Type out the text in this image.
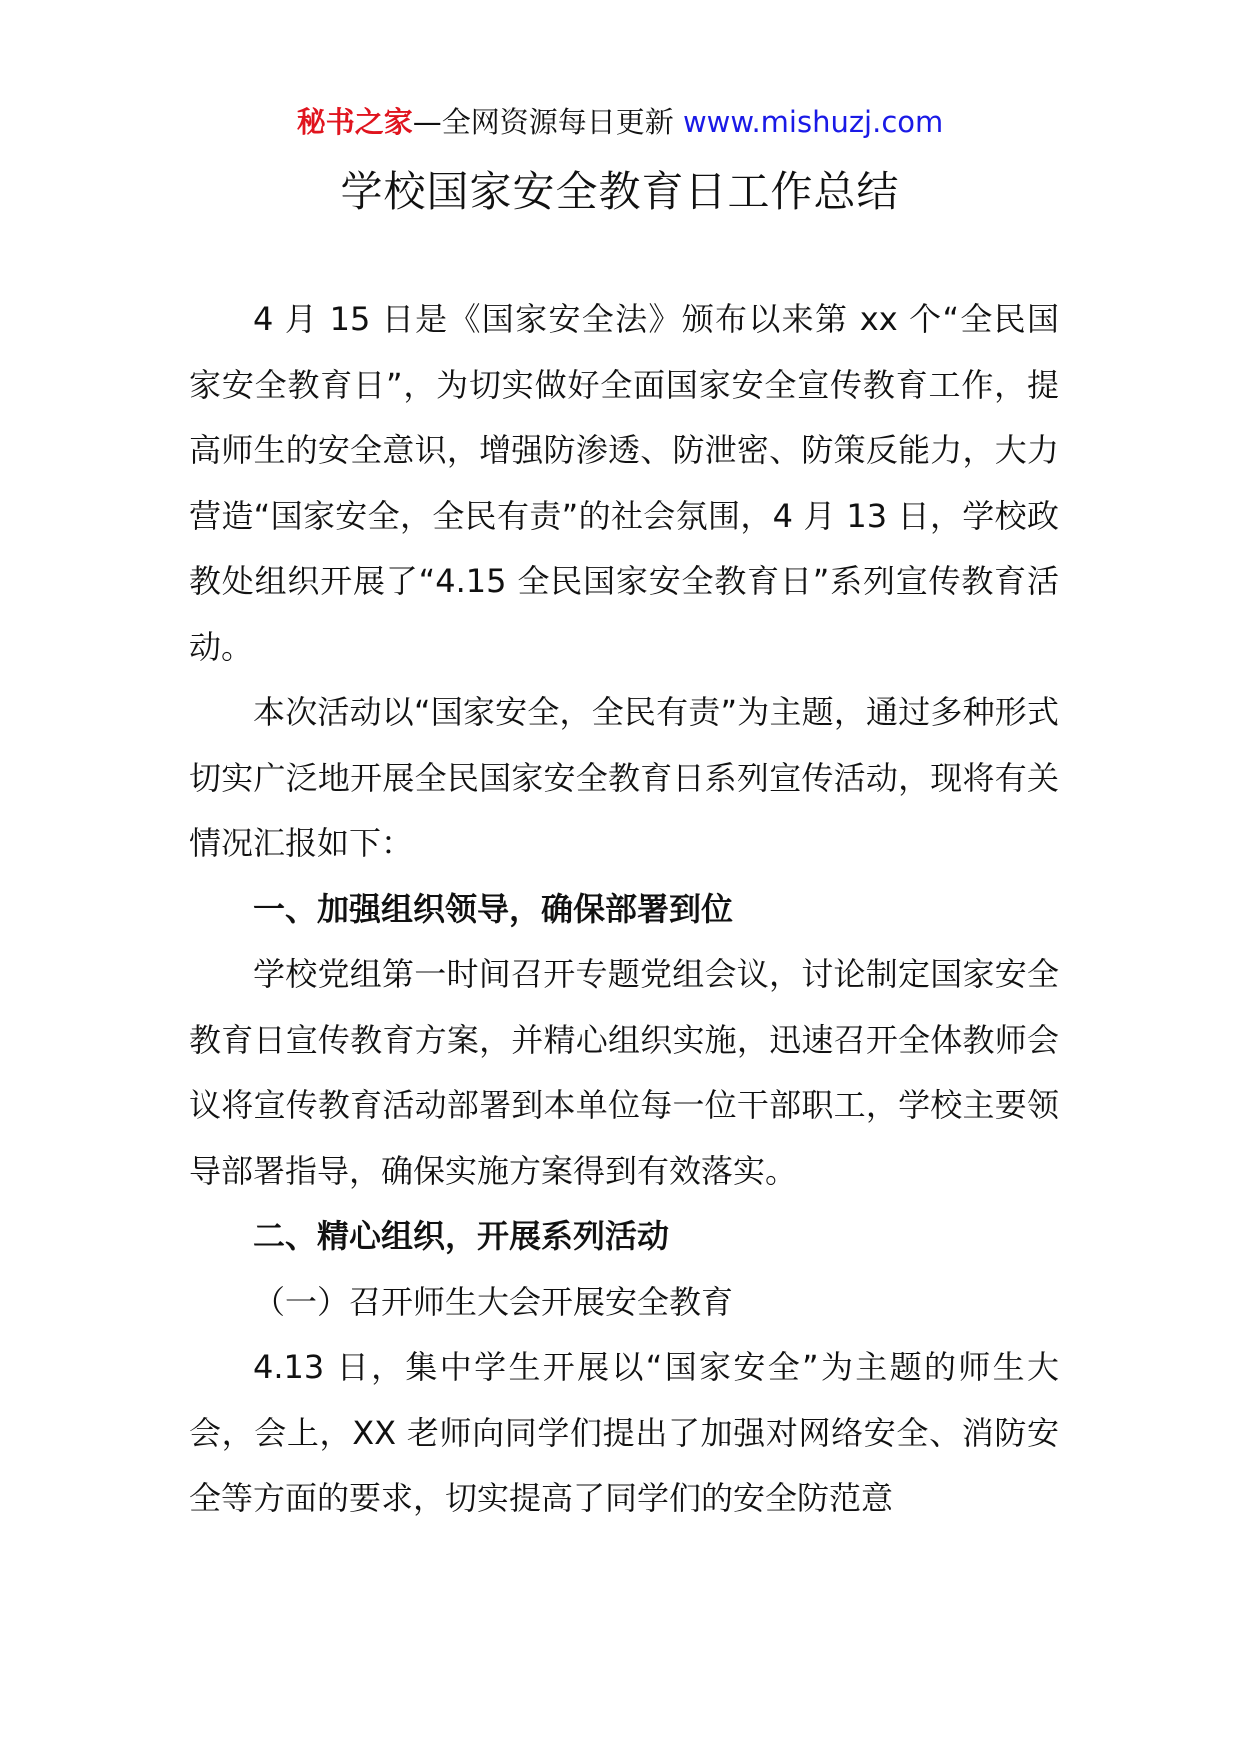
秘书之家—全网资源每日更新 www.mishuzj.com
学校国家安全教育日工作总结

4 月 15 日是《国家安全法》颁布以来第 xx 个“全民国家安全教育日”，为切实做好全面国家安全宣传教育工作，提高师生的安全意识，增强防渗透、防泄密、防策反能力，大力营造“国家安全，全民有责”的社会氛围，4 月 13 日，学校政教处组织开展了“4.15 全民国家安全教育日”系列宣传教育活动。

本次活动以“国家安全，全民有责”为主题，通过多种形式切实广泛地开展全民国家安全教育日系列宣传活动，现将有关情况汇报如下：

一、加强组织领导，确保部署到位

学校党组第一时间召开专题党组会议，讨论制定国家安全教育日宣传教育方案，并精心组织实施，迅速召开全体教师会议将宣传教育活动部署到本单位每一位干部职工，学校主要领导部署指导，确保实施方案得到有效落实。

二、精心组织，开展系列活动

（一）召开师生大会开展安全教育

4.13 日，集中学生开展以“国家安全”为主题的师生大会，会上，XX 老师向同学们提出了加强对网络安全、消防安全等方面的要求，切实提高了同学们的安全防范意
